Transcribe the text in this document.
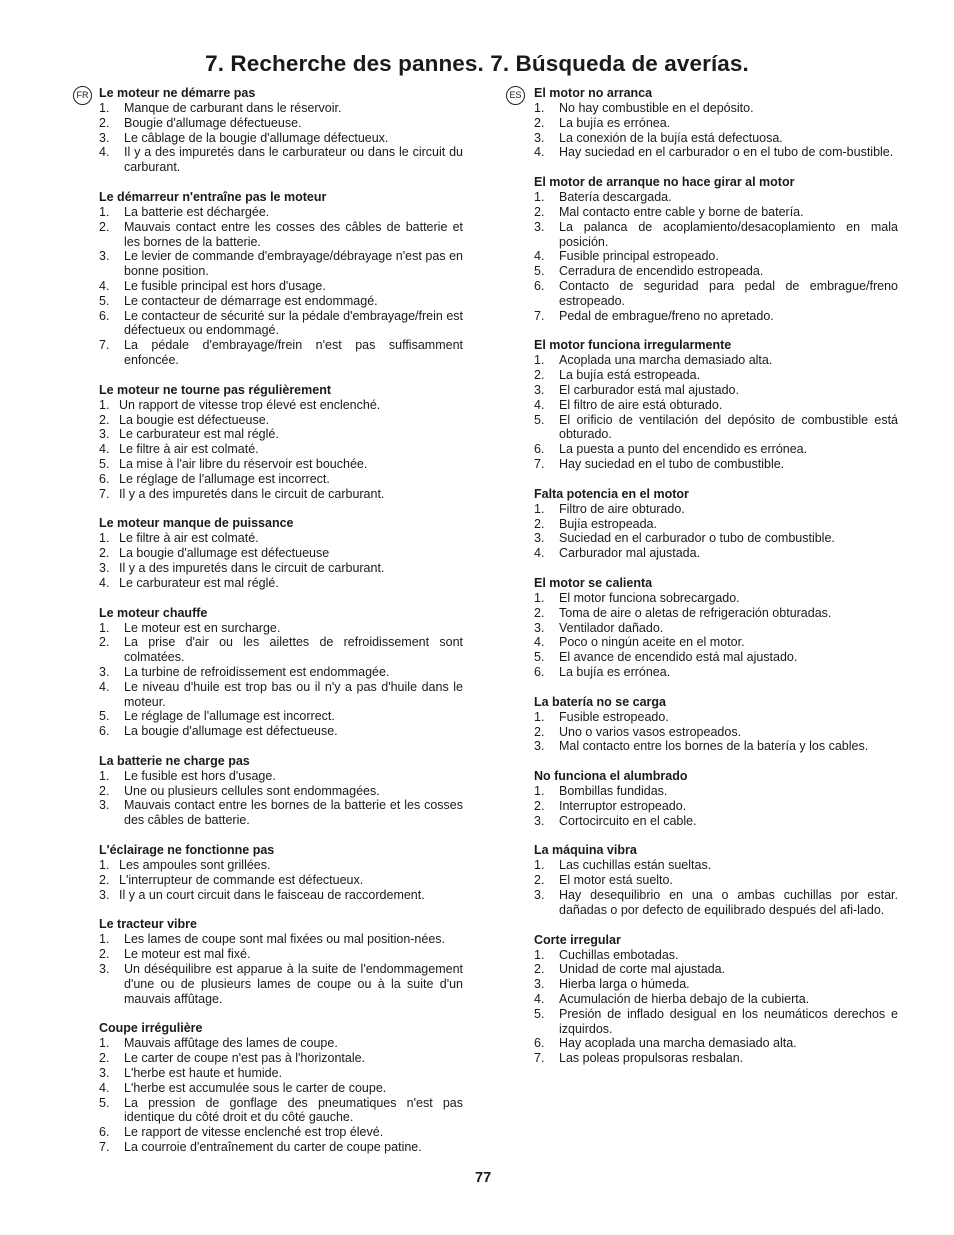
7. Recherche des pannes. 7. Búsqueda de averías.
FR Le moteur ne démarre pas
1. Manque de carburant dans le réservoir.
2. Bougie d'allumage défectueuse.
3. Le câblage de la bougie d'allumage défectueux.
4. Il y a des impuretés dans le carburateur ou dans le circuit du carburant.
Le démarreur n'entraîne pas le moteur
1. La batterie est déchargée.
2. Mauvais contact entre les cosses des câbles de batterie et les bornes de la batterie.
3. Le levier de commande d'embrayage/débrayage n'est pas en bonne position.
4. Le fusible principal est hors d'usage.
5. Le contacteur de démarrage est endommagé.
6. Le contacteur de sécurité sur la pédale d'embrayage/frein est défectueux ou endommagé.
7. La pédale d'embrayage/frein n'est pas suffisamment enfoncée.
Le moteur ne tourne pas régulièrement
1. Un rapport de vitesse trop élevé est enclenché.
2. La bougie est défectueuse.
3. Le carburateur est mal réglé.
4. Le filtre à air est colmaté.
5. La mise à l'air libre du réservoir est bouchée.
6. Le réglage de l'allumage est incorrect.
7. Il y a des impuretés dans le circuit de carburant.
Le moteur manque de puissance
1. Le filtre à air est colmaté.
2. La bougie d'allumage est défectueuse
3. Il y a des impuretés dans le circuit de carburant.
4. Le carburateur est mal réglé.
Le moteur chauffe
1. Le moteur est en surcharge.
2. La prise d'air ou les ailettes de refroidissement sont colmatées.
3. La turbine de refroidissement est endommagée.
4. Le niveau d'huile est trop bas ou il n'y a pas d'huile dans le moteur.
5. Le réglage de l'allumage est incorrect.
6. La bougie d'allumage est défectueuse.
La batterie ne charge pas
1. Le fusible est hors d'usage.
2. Une ou plusieurs cellules sont endommagées.
3. Mauvais contact entre les bornes de la batterie et les cosses des câbles de batterie.
L'éclairage ne fonctionne pas
1. Les ampoules sont grillées.
2. L'interrupteur de commande est défectueux.
3. Il y a un court circuit dans le faisceau de raccordement.
Le tracteur vibre
1. Les lames de coupe sont mal fixées ou mal position-nées.
2. Le moteur est mal fixé.
3. Un déséquilibre est apparue à la suite de l'endommagement d'une ou de plusieurs lames de coupe ou à la suite d'un mauvais affûtage.
Coupe irrégulière
1. Mauvais affûtage des lames de coupe.
2. Le carter de coupe n'est pas à l'horizontale.
3. L'herbe est haute et humide.
4. L'herbe est accumulée sous le carter de coupe.
5. La pression de gonflage des pneumatiques n'est pas identique du côté droit et du côté gauche.
6. Le rapport de vitesse enclenché est trop élevé.
7. La courroie d'entraînement du carter de coupe patine.
ES El motor no arranca
1. No hay combustible en el depósito.
2. La bujía es errónea.
3. La conexión de la bujía está defectuosa.
4. Hay suciedad en el carburador o en el tubo de com-bustible.
El motor de arranque no hace girar al motor
1. Batería descargada.
2. Mal contacto entre cable y borne de batería.
3. La palanca de acoplamiento/desacoplamiento en mala posición.
4. Fusible principal estropeado.
5. Cerradura de encendido estropeada.
6. Contacto de seguridad para pedal de embrague/freno estropeado.
7. Pedal de embrague/freno no apretado.
El motor funciona irregularmente
1. Acoplada una marcha demasiado alta.
2. La bujía está estropeada.
3. El carburador está mal ajustado.
4. El filtro de aire está obturado.
5. El orificio de ventilación del depósito de combustible está obturado.
6. La puesta a punto del encendido es errónea.
7. Hay suciedad en el tubo de combustible.
Falta potencia en el motor
1. Filtro de aire obturado.
2. Bujía estropeada.
3. Suciedad en el carburador o tubo de combustible.
4. Carburador mal ajustada.
El motor se calienta
1. El motor funciona sobrecargado.
2. Toma de aire o aletas de refrigeración obturadas.
3. Ventilador dañado.
4. Poco o ningún aceite en el motor.
5. El avance de encendido está mal ajustado.
6. La bujía es errónea.
La batería no se carga
1. Fusible estropeado.
2. Uno o varios vasos estropeados.
3. Mal contacto entre los bornes de la batería y los cables.
No funciona el alumbrado
1. Bombillas fundidas.
2. Interruptor estropeado.
3. Cortocircuito en el cable.
La máquina vibra
1. Las cuchillas están sueltas.
2. El motor está suelto.
3. Hay desequilibrio en una o ambas cuchillas por estar. dañadas o por defecto de equilibrado después del afi-lado.
Corte irregular
1. Cuchillas embotadas.
2. Unidad de corte mal ajustada.
3. Hierba larga o húmeda.
4. Acumulación de hierba debajo de la cubierta.
5. Presión de inflado desigual en los neumáticos derechos e izquirdos.
6. Hay acoplada una marcha demasiado alta.
7. Las poleas propulsoras resbalan.
77
